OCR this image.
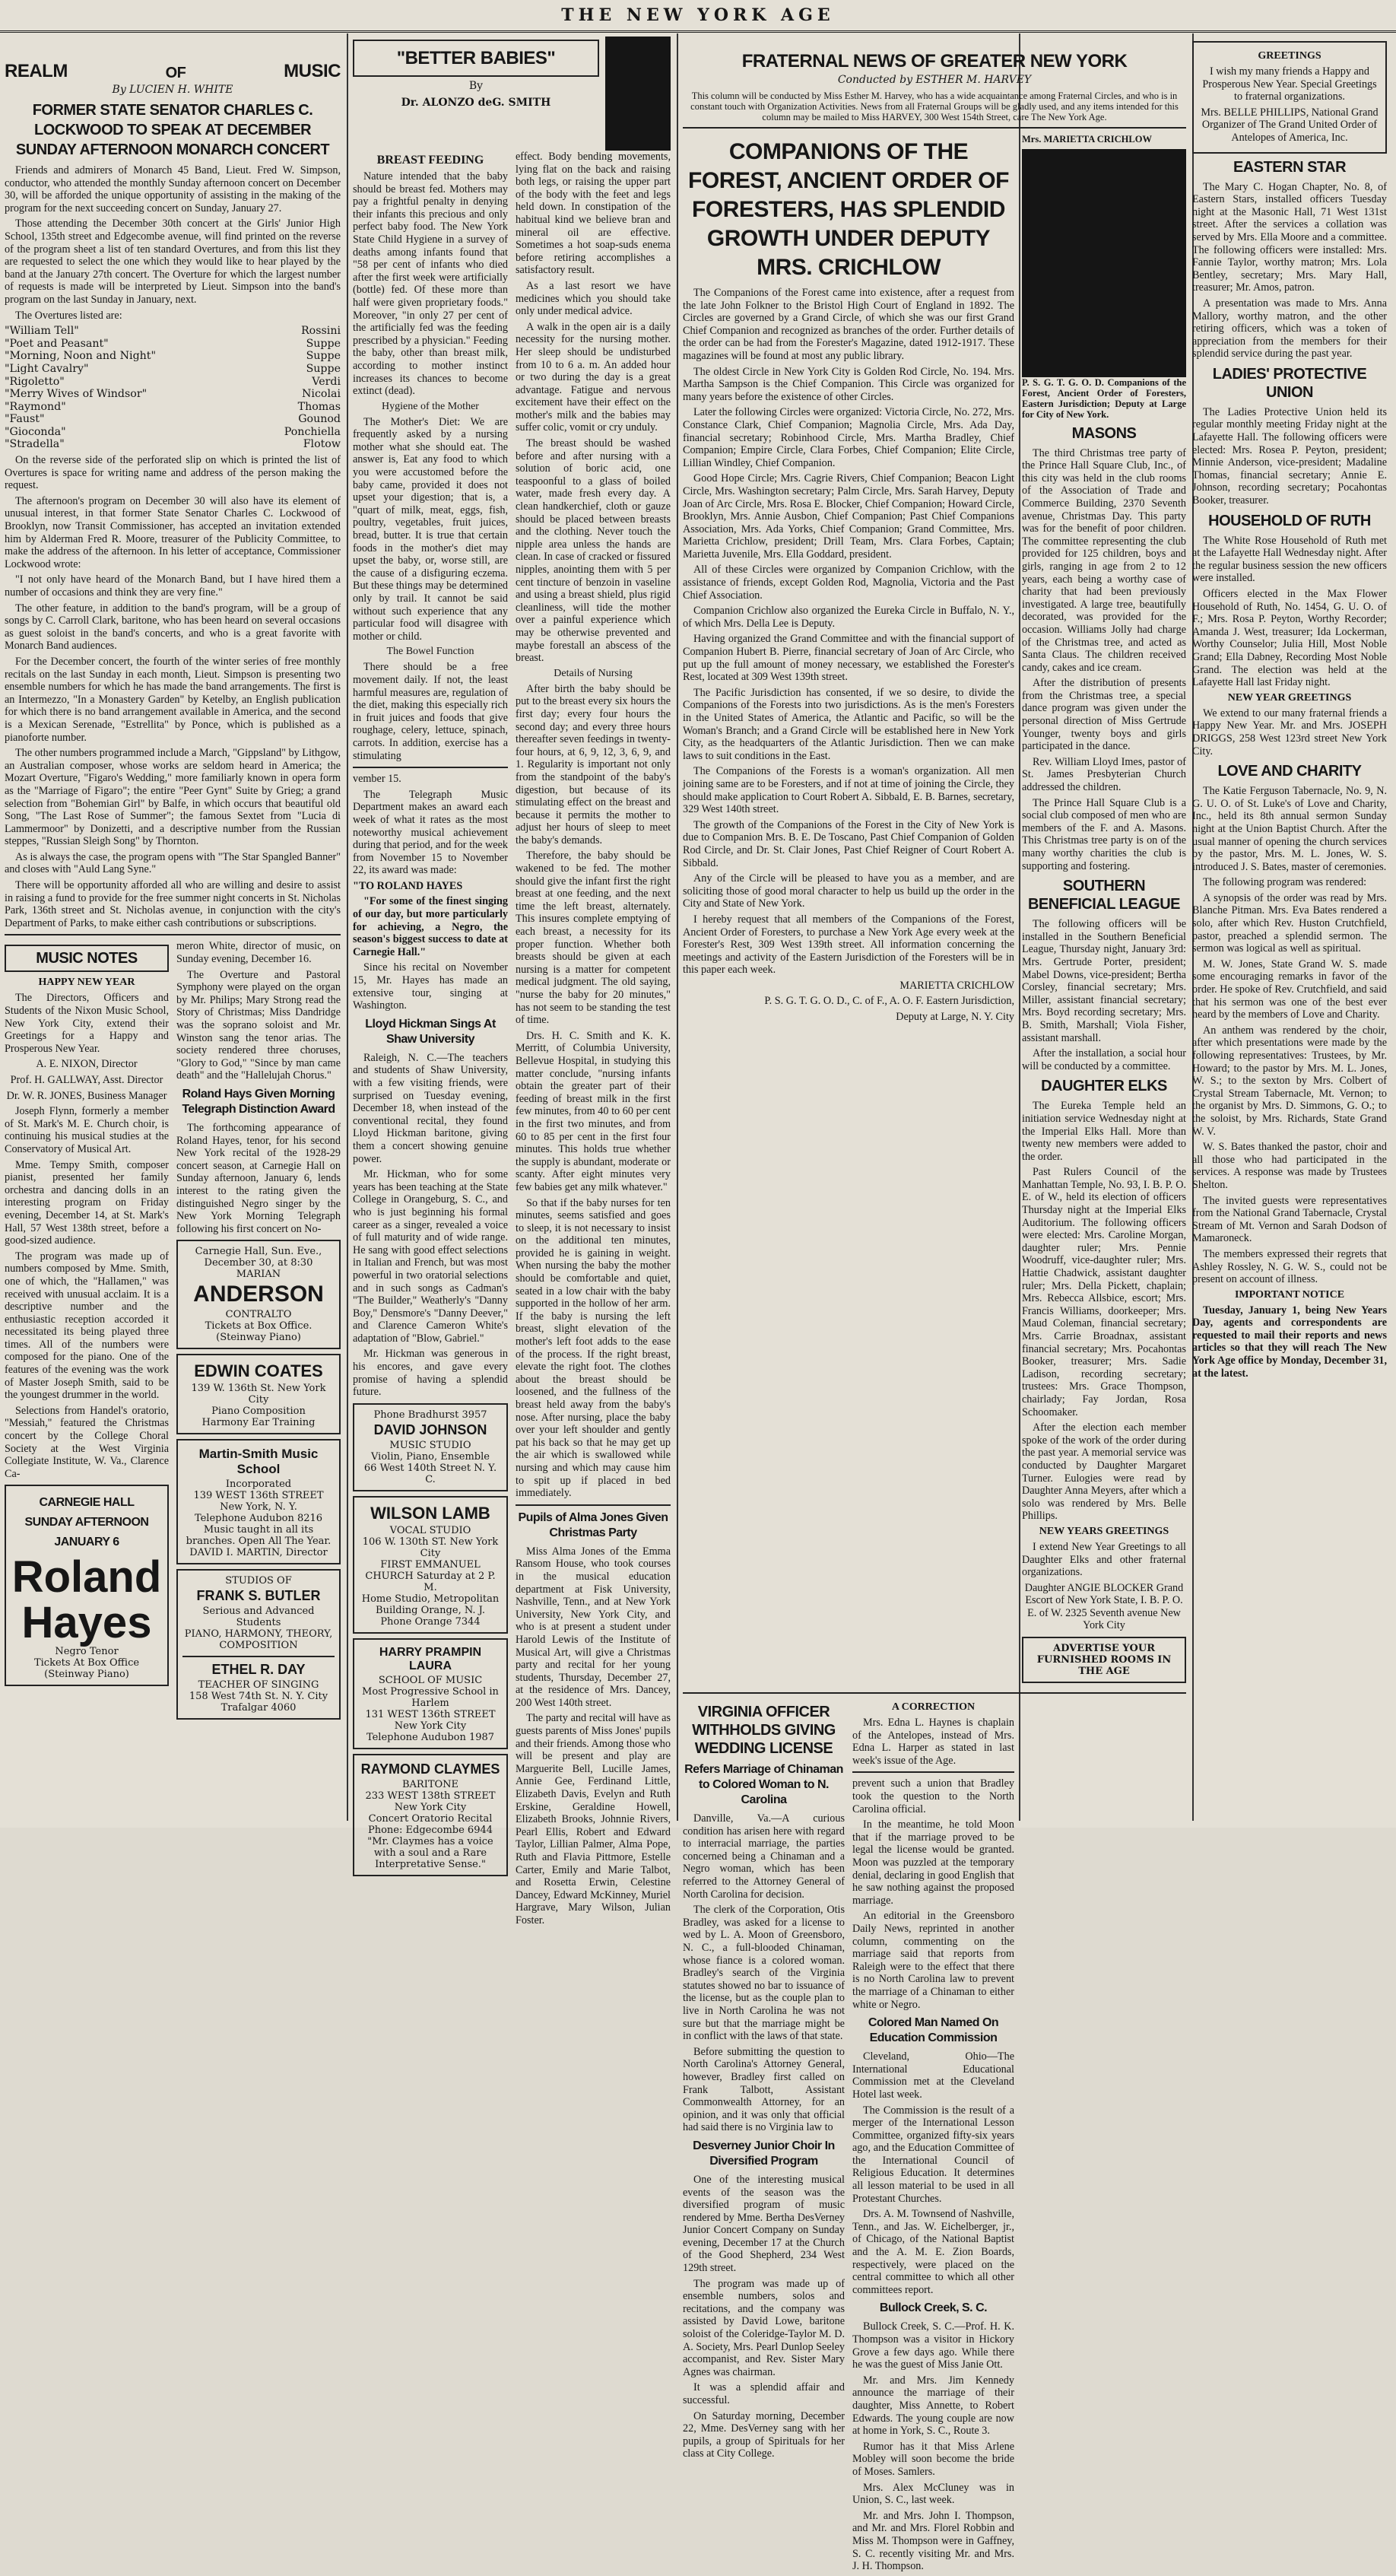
THE NEW YORK AGE
REALM	OF	MUSIC
By LUCIEN H. WHITE
FORMER STATE SENATOR CHARLES C. LOCKWOOD TO SPEAK AT DECEMBER SUNDAY AFTERNOON MONARCH CONCERT

Friends and admirers of Monarch 45 Band, Lieut. Fred W. Simpson, conductor, who attended the monthly Sunday afternoon concert on December 30, will be afforded the unique opportunity of assisting in the making of the program for the next succeeding concert on Sunday, January 27.

Those attending the December 30th concert at the Girls' Junior High School, 135th street and Edgecombe avenue, will find printed on the reverse of the program sheet a list of ten standard Overtures, and from this list they are requested to select the one which they would like to hear played by the band at the January 27th concert. The Overture for which the largest number of requests is made will be interpreted by Lieut. Simpson into the band's program on the last Sunday in January, next.

The Overtures listed are:

"William Tell"	Rossini
"Poet and Peasant"	Suppe
"Morning, Noon and Night"	Suppe
"Light Cavalry"	Suppe
"Rigoletto"	Verdi
"Merry Wives of Windsor"	Nicolai
"Raymond"	Thomas
"Faust"	Gounod
"Gioconda"	Ponchiella
"Stradella"	Flotow

On the reverse side of the perforated slip on which is printed the list of Overtures is space for writing name and address of the person making the request.

The afternoon's program on December 30 will also have its element of unusual interest, in that former State Senator Charles C. Lockwood of Brooklyn, now Transit Commissioner, has accepted an invitation extended him by Alderman Fred R. Moore, treasurer of the Publicity Committee, to make the address of the afternoon. In his letter of acceptance, Commissioner Lockwood wrote:

"I not only have heard of the Monarch Band, but I have hired them a number of occasions and think they are very fine."

The other feature, in addition to the band's program, will be a group of songs by C. Carroll Clark, baritone, who has been heard on several occasions as guest soloist in the band's concerts, and who is a great favorite with Monarch Band audiences.

For the December concert, the fourth of the winter series of free monthly recitals on the last Sunday in each month, Lieut. Simpson is presenting two ensemble numbers for which he has made the band arrangements. The first is an Intermezzo, "In a Monastery Garden" by Ketelby, an English publication for which there is no band arrangement available in America, and the second is a Mexican Serenade, "Estrellita" by Ponce, which is published as a pianoforte number.

The other numbers programmed include a March, "Gippsland" by Lithgow, an Australian composer, whose works are seldom heard in America; the Mozart Overture, "Figaro's Wedding," more familiarly known in opera form as the "Marriage of Figaro"; the entire "Peer Gynt" Suite by Grieg; a grand selection from "Bohemian Girl" by Balfe, in which occurs that beautiful old Song, "The Last Rose of Summer"; the famous Sextet from "Lucia di Lammermoor" by Donizetti, and a descriptive number from the Russian steppes, "Russian Sleigh Song" by Thornton.

As is always the case, the program opens with "The Star Spangled Banner" and closes with "Auld Lang Syne."

There will be opportunity afforded all who are willing and desire to assist in raising a fund to provide for the free summer night concerts in St. Nicholas Park, 136th street and St. Nicholas avenue, in conjunction with the city's Department of Parks, to make either cash contributions or subscriptions.

MUSIC NOTES
HAPPY NEW YEAR

The Directors, Officers and Students of the Nixon Music School, New York City, extend their Greetings for a Happy and Prosperous New Year.

A. E. NIXON, Director

Prof. H. GALLWAY, Asst. Director

Dr. W. R. JONES, Business Manager

Joseph Flynn, formerly a member of St. Mark's M. E. Church choir, is continuing his musical studies at the Conservatory of Musical Art.

Mme. Tempy Smith, composer pianist, presented her family orchestra and dancing dolls in an interesting program on Friday evening, December 14, at St. Mark's Hall, 57 West 138th street, before a good-sized audience.

The program was made up of numbers composed by Mme. Smith, one of which, the "Hallamen," was received with unusual acclaim. It is a descriptive number and the enthusiastic reception accorded it necessitated its being played three times. All of the numbers were composed for the piano. One of the features of the evening was the work of Master Joseph Smith, said to be the youngest drummer in the world.

Selections from Handel's oratorio, "Messiah," featured the Christmas concert by the College Choral Society at the West Virginia Collegiate Institute, W. Va., Clarence Ca-

CARNEGIE HALL
SUNDAY AFTERNOON
JANUARY 6
Roland Hayes
Negro Tenor
Tickets At Box Office (Steinway Piano)

meron White, director of music, on Sunday evening, December 16.

The Overture and Pastoral Symphony were played on the organ by Mr. Philips; Mary Strong read the Story of Christmas; Miss Dandridge was the soprano soloist and Mr. Winston sang the tenor arias. The society rendered three choruses, "Glory to God," "Since by man came death" and the "Hallelujah Chorus."

Roland Hays Given Morning Telegraph Distinction Award

The forthcoming appearance of Roland Hayes, tenor, for his second New York recital of the 1928-29 concert season, at Carnegie Hall on Sunday afternoon, January 6, lends interest to the rating given the distinguished Negro singer by the New York Morning Telegraph following his first concert on No-

Carnegie Hall, Sun. Eve., December 30, at 8:30
MARIAN
ANDERSON
CONTRALTO
Tickets at Box Office. (Steinway Piano)
EDWIN COATES
139 W. 136th St. New York City
Piano Composition
Harmony Ear Training
Martin-Smith Music School
Incorporated
139 WEST 136th STREET New York, N. Y.
Telephone Audubon 8216
Music taught in all its branches. Open All The Year.
DAVID I. MARTIN, Director
STUDIOS OF
FRANK S. BUTLER
Serious and Advanced Students
PIANO, HARMONY, THEORY, COMPOSITION
ETHEL R. DAY
TEACHER OF SINGING
158 West 74th St. N. Y. City
Trafalgar 4060
"BETTER BABIES"
By
Dr. ALONZO deG. SMITH
BREAST FEEDING

Nature intended that the baby should be breast fed. Mothers may pay a frightful penalty in denying their infants this precious and only perfect baby food. The New York State Child Hygiene in a survey of deaths among infants found that "58 per cent of infants who died after the first week were artificially (bottle) fed. Of these more than half were given proprietary foods." Moreover, "in only 27 per cent of the artificially fed was the feeding prescribed by a physician." Feeding the baby, other than breast milk, according to mother instinct increases its chances to become extinct (dead).

Hygiene of the Mother

The Mother's Diet: We are frequently asked by a nursing mother what she should eat. The answer is, Eat any food to which you were accustomed before the baby came, provided it does not upset your digestion; that is, a "quart of milk, meat, eggs, fish, poultry, vegetables, fruit juices, bread, butter. It is true that certain foods in the mother's diet may upset the baby, or, worse still, are the cause of a disfiguring eczema. But these things may be determined only by trail. It cannot be said without such experience that any particular food will disagree with mother or child.

The Bowel Function

There should be a free movement daily. If not, the least harmful measures are, regulation of the diet, making this especially rich in fruit juices and foods that give roughage, celery, lettuce, spinach, carrots. In addition, exercise has a stimulating

vember 15.

The Telegraph Music Department makes an award each week of what it rates as the most noteworthy musical achievement during that period, and for the week from November 15 to November 22, its award was made:

"TO ROLAND HAYES

"For some of the finest singing of our day, but more particularly for achieving, a Negro, the season's biggest success to date at Carnegie Hall."

Since his recital on November 15, Mr. Hayes has made an extensive tour, singing at Washington.

Lloyd Hickman Sings At Shaw University

Raleigh, N. C.—The teachers and students of Shaw University, with a few visiting friends, were surprised on Tuesday evening, December 18, when instead of the conventional recital, they found Lloyd Hickman baritone, giving them a concert showing genuine power.

Mr. Hickman, who for some years has been teaching at the State College in Orangeburg, S. C., and who is just beginning his formal career as a singer, revealed a voice of full maturity and of wide range. He sang with good effect selections in Italian and French, but was most powerful in two oratorial selections and in such songs as Cadman's "The Builder," Weatherly's "Danny Boy," Densmore's "Danny Deever," and Clarence Cameron White's adaptation of "Blow, Gabriel."

Mr. Hickman was generous in his encores, and gave every promise of having a splendid future.

Phone Bradhurst 3957
DAVID JOHNSON
MUSIC STUDIO
Violin, Piano, Ensemble
66 West 140th Street N. Y. C.
WILSON LAMB
VOCAL STUDIO
106 W. 130th ST. New York City
FIRST EMMANUEL CHURCH Saturday at 2 P. M.
Home Studio, Metropolitan Building Orange, N. J.
Phone Orange 7344
HARRY PRAMPIN LAURA
SCHOOL OF MUSIC
Most Progressive School in Harlem
131 WEST 136th STREET New York City
Telephone Audubon 1987
RAYMOND CLAYMES
BARITONE
233 WEST 138th STREET New York City
Concert Oratorio Recital
Phone: Edgecombe 6944
"Mr. Claymes has a voice with a soul and a Rare Interpretative Sense."

effect. Body bending movements, lying flat on the back and raising both legs, or raising the upper part of the body with the feet and legs held down. In constipation of the habitual kind we believe bran and mineral oil are effective. Sometimes a hot soap-suds enema before retiring accomplishes a satisfactory result.

As a last resort we have medicines which you should take only under medical advice.

A walk in the open air is a daily necessity for the nursing mother. Her sleep should be undisturbed from 10 to 6 a. m. An added hour or two during the day is a great advantage. Fatigue and nervous excitement have their effect on the mother's milk and the babies may suffer colic, vomit or cry unduly.

The breast should be washed before and after nursing with a solution of boric acid, one teaspoonful to a glass of boiled water, made fresh every day. A clean handkerchief, cloth or gauze should be placed between breasts and the clothing. Never touch the nipple area unless the hands are clean. In case of cracked or fissured nipples, anointing them with 5 per cent tincture of benzoin in vaseline and using a breast shield, plus rigid cleanliness, will tide the mother over a painful experience which may be otherwise prevented and maybe forestall an abscess of the breast.

Details of Nursing

After birth the baby should be put to the breast every six hours the first day; every four hours the second day; and every three hours thereafter seven feedings in twenty-four hours, at 6, 9, 12, 3, 6, 9, and 1. Regularity is important not only from the standpoint of the baby's digestion, but because of its stimulating effect on the breast and because it permits the mother to adjust her hours of sleep to meet the baby's demands.

Therefore, the baby should be wakened to be fed. The mother should give the infant first the right breast at one feeding, and the next time the left breast, alternately. This insures complete emptying of each breast, a necessity for its proper function. Whether both breasts should be given at each nursing is a matter for competent medical judgment. The old saying, "nurse the baby for 20 minutes," has not seem to be standing the test of time.

Drs. H. C. Smith and K. K. Merritt, of Columbia University, Bellevue Hospital, in studying this matter conclude, "nursing infants obtain the greater part of their feeding of breast milk in the first few minutes, from 40 to 60 per cent in the first two minutes, and from 60 to 85 per cent in the first four minutes. This holds true whether the supply is abundant, moderate or scanty. After eight minutes very few babies get any milk whatever."

So that if the baby nurses for ten minutes, seems satisfied and goes to sleep, it is not necessary to insist on the additional ten minutes, provided he is gaining in weight. When nursing the baby the mother should be comfortable and quiet, seated in a low chair with the baby supported in the hollow of her arm. If the baby is nursing the left breast, slight elevation of the mother's left foot adds to the ease of the process. If the right breast, elevate the right foot. The clothes about the breast should be loosened, and the fullness of the breast held away from the baby's nose. After nursing, place the baby over your left shoulder and gently pat his back so that he may get up the air which is swallowed while nursing and which may cause him to spit up if placed in bed immediately.

Pupils of Alma Jones Given Christmas Party

Miss Alma Jones of the Emma Ransom House, who took courses in the musical education department at Fisk University, Nashville, Tenn., and at New York University, New York City, and who is at present a student under Harold Lewis of the Institute of Musical Art, will give a Christmas party and recital for her young students, Thursday, December 27, at the residence of Mrs. Dancey, 200 West 140th street.

The party and recital will have as guests parents of Miss Jones' pupils and their friends. Among those who will be present and play are Marguerite Bell, Lucille James, Annie Gee, Ferdinand Little, Elizabeth Davis, Evelyn and Ruth Erskine, Geraldine Howell, Elizabeth Brooks, Johnnie Rivers, Pearl Ellis, Robert and Edward Taylor, Lillian Palmer, Alma Pope, Ruth and Flavia Pittmore, Estelle Carter, Emily and Marie Talbot, and Rosetta Erwin, Celestine Dancey, Edward McKinney, Muriel Hargrave, Mary Wilson, Julian Foster.

FRATERNAL NEWS OF GREATER NEW YORK
Conducted by ESTHER M. HARVEY

This column will be conducted by Miss Esther M. Harvey, who has a wide acquaintance among Fraternal Circles, and who is in constant touch with Organization Activities. News from all Fraternal Groups will be gladly used, and any items intended for this column may be mailed to Miss HARVEY, 300 West 154th Street, care The New York Age.

COMPANIONS OF THE FOREST, ANCIENT ORDER OF FORESTERS, HAS SPLENDID GROWTH UNDER DEPUTY MRS. CRICHLOW

The Companions of the Forest came into existence, after a request from the late John Folkner to the Bristol High Court of England in 1892. The Circles are governed by a Grand Circle, of which she was our first Grand Chief Companion and recognized as branches of the order. Further details of the order can be had from the Forester's Magazine, dated 1912-1917. These magazines will be found at most any public library.

The oldest Circle in New York City is Golden Rod Circle, No. 194. Mrs. Martha Sampson is the Chief Companion. This Circle was organized for many years before the existence of other Circles.

Later the following Circles were organized: Victoria Circle, No. 272, Mrs. Constance Clark, Chief Companion; Magnolia Circle, Mrs. Ada Day, financial secretary; Robinhood Circle, Mrs. Martha Bradley, Chief Companion; Empire Circle, Clara Forbes, Chief Companion; Elite Circle, Lillian Windley, Chief Companion.

Good Hope Circle; Mrs. Cagrie Rivers, Chief Companion; Beacon Light Circle, Mrs. Washington secretary; Palm Circle, Mrs. Sarah Harvey, Deputy Joan of Arc Circle, Mrs. Rosa E. Blocker, Chief Companion; Howard Circle, Brooklyn, Mrs. Annie Ausbon, Chief Companion; Past Chief Companions Association, Mrs. Ada Yorks, Chief Companion; Grand Committee, Mrs. Marietta Crichlow, president; Drill Team, Mrs. Clara Forbes, Captain; Marietta Juvenile, Mrs. Ella Goddard, president.

All of these Circles were organized by Companion Crichlow, with the assistance of friends, except Golden Rod, Magnolia, Victoria and the Past Chief Association.

Companion Crichlow also organized the Eureka Circle in Buffalo, N. Y., of which Mrs. Della Lee is Deputy.

Having organized the Grand Committee and with the financial support of Companion Hubert B. Pierre, financial secretary of Joan of Arc Circle, who put up the full amount of money necessary, we established the Forester's Rest, located at 309 West 139th street.

The Pacific Jurisdiction has consented, if we so desire, to divide the Companions of the Forests into two jurisdictions. As is the men's Foresters in the United States of America, the Atlantic and Pacific, so will be the Woman's Branch; and a Grand Circle will be established here in New York City, as the headquarters of the Atlantic Jurisdiction. Then we can make laws to suit conditions in the East.

The Companions of the Forests is a woman's organization. All men joining same are to be Foresters, and if not at time of joining the Circle, they should make application to Court Robert A. Sibbald, E. B. Barnes, secretary, 329 West 140th street.

The growth of the Companions of the Forest in the City of New York is due to Companion Mrs. B. E. De Toscano, Past Chief Companion of Golden Rod Circle, and Dr. St. Clair Jones, Past Chief Reigner of Court Robert A. Sibbald.

Any of the Circle will be pleased to have you as a member, and are soliciting those of good moral character to help us build up the order in the City and State of New York.

I hereby request that all members of the Companions of the Forest, Ancient Order of Foresters, to purchase a New York Age every week at the Forester's Rest, 309 West 139th street. All information concerning the meetings and activity of the Eastern Jurisdiction of the Foresters will be in this paper each week.

MARIETTA CRICHLOW

P. S. G. T. G. O. D., C. of F., A. O. F. Eastern Jurisdiction,

Deputy at Large, N. Y. City

Mrs. MARIETTA CRICHLOW

P. S. G. T. G. O. D. Companions of the Forest, Ancient Order of Foresters, Eastern Jurisdiction; Deputy at Large for City of New York.

MASONS

The third Christmas tree party of the Prince Hall Square Club, Inc., of this city was held in the club rooms of the Association of Trade and Commerce Building, 2370 Seventh avenue, Christmas Day. This party was for the benefit of poor children. The committee representing the club provided for 125 children, boys and girls, ranging in age from 2 to 12 years, each being a worthy case of charity that had been previously investigated. A large tree, beautifully decorated, was provided for the occasion. Williams Jolly had charge of the Christmas tree, and acted as Santa Claus. The children received candy, cakes and ice cream.

After the distribution of presents from the Christmas tree, a special dance program was given under the personal direction of Miss Gertrude Younger, twenty boys and girls participated in the dance.

Rev. William Lloyd Imes, pastor of St. James Presbyterian Church addressed the children.

The Prince Hall Square Club is a social club composed of men who are members of the F. and A. Masons. This Christmas tree party is on of the many worthy charities the club is supporting and fostering.

SOUTHERN BENEFICIAL LEAGUE

The following officers will be installed in the Southern Beneficial League, Thursday night, January 3rd: Mrs. Gertrude Porter, president; Mabel Downs, vice-president; Bertha Corsley, financial secretary; Mrs. Miller, assistant financial secretary; Mrs. Boyd recording secretary; Mrs. B. Smith, Marshall; Viola Fisher, assistant marshall.

After the installation, a social hour will be conducted by a committee.

DAUGHTER ELKS

The Eureka Temple held an initiation service Wednesday night at the Imperial Elks Hall. More than twenty new members were added to the order.

Past Rulers Council of the Manhattan Temple, No. 93, I. B. P. O. E. of W., held its election of officers Thursday night at the Imperial Elks Auditorium. The following officers were elected: Mrs. Caroline Morgan, daughter ruler; Mrs. Pennie Woodruff, vice-daughter ruler; Mrs. Hattie Chadwick, assistant daughter ruler; Mrs. Della Pickett, chaplain; Mrs. Rebecca Allsbice, escort; Mrs. Francis Williams, doorkeeper; Mrs. Maud Coleman, financial secretary; Mrs. Carrie Broadnax, assistant financial secretary; Mrs. Pocahontas Booker, treasurer; Mrs. Sadie Ladison, recording secretary; trustees: Mrs. Grace Thompson, chairlady; Fay Jordan, Rosa Schoomaker.

After the election each member spoke of the work of the order during the past year. A memorial service was conducted by Daughter Margaret Turner. Eulogies were read by Daughter Anna Meyers, after which a solo was rendered by Mrs. Belle Phillips.

NEW YEARS GREETINGS

I extend New Year Greetings to all Daughter Elks and other fraternal organizations.

Daughter ANGIE BLOCKER Grand Escort of New York State, I. B. P. O. E. of W. 2325 Seventh avenue New York City

ADVERTISE YOUR FURNISHED ROOMS IN THE AGE
VIRGINIA OFFICER WITHHOLDS GIVING WEDDING LICENSE
Refers Marriage of Chinaman to Colored Woman to N. Carolina

Danville, Va.—A curious condition has arisen here with regard to interracial marriage, the parties concerned being a Chinaman and a Negro woman, which has been referred to the Attorney General of North Carolina for decision.

The clerk of the Corporation, Otis Bradley, was asked for a license to wed by L. A. Moon of Greensboro, N. C., a full-blooded Chinaman, whose fiance is a colored woman. Bradley's search of the Virginia statutes showed no bar to issuance of the license, but as the couple plan to live in North Carolina he was not sure but that the marriage might be in conflict with the laws of that state.

Before submitting the question to North Carolina's Attorney General, however, Bradley first called on Frank Talbott, Assistant Commonwealth Attorney, for an opinion, and it was only that official had said there is no Virginia law to

Desverney Junior Choir In Diversified Program

One of the interesting musical events of the season was the diversified program of music rendered by Mme. Bertha DesVerney Junior Concert Company on Sunday evening, December 17 at the Church of the Good Shepherd, 234 West 129th street.

The program was made up of ensemble numbers, solos and recitations, and the company was assisted by David Lowe, baritone soloist of the Coleridge-Taylor M. D. A. Society, Mrs. Pearl Dunlop Seeley accompanist, and Rev. Sister Mary Agnes was chairman.

It was a splendid affair and successful.

On Saturday morning, December 22, Mme. DesVerney sang with her pupils, a group of Spirituals for her class at City College.

A CORRECTION

Mrs. Edna L. Haynes is chaplain of the Antelopes, instead of Mrs. Edna L. Harper as stated in last week's issue of the Age.

prevent such a union that Bradley took the question to the North Carolina official.

In the meantime, he told Moon that if the marriage proved to be legal the license would be granted. Moon was puzzled at the temporary denial, declaring in good English that he saw nothing against the proposed marriage.

An editorial in the Greensboro Daily News, reprinted in another column, commenting on the marriage said that reports from Raleigh were to the effect that there is no North Carolina law to prevent the marriage of a Chinaman to either white or Negro.

Colored Man Named On Education Commission

Cleveland, Ohio—The International Educational Commission met at the Cleveland Hotel last week.

The Commission is the result of a merger of the International Lesson Committee, organized fifty-six years ago, and the Education Committee of the International Council of Religious Education. It determines all lesson material to be used in all Protestant Churches.

Drs. A. M. Townsend of Nashville, Tenn., and Jas. W. Eichelberger, jr., of Chicago, of the National Baptist and the A. M. E. Zion Boards, respectively, were placed on the central committee to which all other committees report.

Bullock Creek, S. C.

Bullock Creek, S. C.—Prof. H. K. Thompson was a visitor in Hickory Grove a few days ago. While there he was the guest of Miss Janie Ott.

Mr. and Mrs. Jim Kennedy announce the marriage of their daughter, Miss Annette, to Robert Edwards. The young couple are now at home in York, S. C., Route 3.

Rumor has it that Miss Arlene Mobley will soon become the bride of Moses. Samlers.

Mrs. Alex McCluney was in Union, S. C., last week.

Mr. and Mrs. John I. Thompson, and Mr. and Mrs. Florel Robbin and Miss M. Thompson were in Gaffney, S. C. recently visiting Mr. and Mrs. J. H. Thompson.

GREETINGS

I wish my many friends a Happy and Prosperous New Year. Special Greetings to fraternal organizations.

Mrs. BELLE PHILLIPS, National Grand Organizer of The Grand United Order of Antelopes of America, Inc.

EASTERN STAR

The Mary C. Hogan Chapter, No. 8, of Eastern Stars, installed officers Tuesday night at the Masonic Hall, 71 West 131st street. After the services a collation was served by Mrs. Ella Moore and a committee. The following officers were installed: Mrs. Fannie Taylor, worthy matron; Mrs. Lola Bentley, secretary; Mrs. Mary Hall, treasurer; Mr. Amos, patron.

A presentation was made to Mrs. Anna Mallory, worthy matron, and the other retiring officers, which was a token of appreciation from the members for their splendid service during the past year.

LADIES' PROTECTIVE UNION

The Ladies Protective Union held its regular monthly meeting Friday night at the Lafayette Hall. The following officers were elected: Mrs. Rosea P. Peyton, president; Minnie Anderson, vice-president; Madaline Thomas, financial secretary; Annie E. Johnson, recording secretary; Pocahontas Booker, treasurer.

HOUSEHOLD OF RUTH

The White Rose Household of Ruth met at the Lafayette Hall Wednesday night. After the regular business session the new officers were installed.

Officers elected in the Max Flower Household of Ruth, No. 1454, G. U. O. of F.; Mrs. Rosa P. Peyton, Worthy Recorder; Amanda J. West, treasurer; Ida Lockerman, Worthy Counselor; Julia Hill, Most Noble Grand; Ella Dabney, Recording Most Noble Grand. The election was held at the Lafayette Hall last Friday night.

NEW YEAR GREETINGS

We extend to our many fraternal friends a Happy New Year. Mr. and Mrs. JOSEPH DRIGGS, 258 West 123rd street New York City.

LOVE AND CHARITY

The Katie Ferguson Tabernacle, No. 9, N. G. U. O. of St. Luke's of Love and Charity, Inc., held its 8th annual sermon Sunday night at the Union Baptist Church. After the usual manner of opening the church services by the pastor, Mrs. M. L. Jones, W. S. introduced J. S. Bates, master of ceremonies.

The following program was rendered:

A synopsis of the order was read by Mrs. Blanche Pitman. Mrs. Eva Bates rendered a solo, after which Rev. Huston Crutchfield, pastor, preached a splendid sermon. The sermon was logical as well as spiritual.

M. W. Jones, State Grand W. S. made some encouraging remarks in favor of the order. He spoke of Rev. Crutchfield, and said that his sermon was one of the best ever heard by the members of Love and Charity.

An anthem was rendered by the choir, after which presentations were made by the following representatives: Trustees, by Mr. Howard; to the pastor by Mrs. M. L. Jones, W. S.; to the sexton by Mrs. Colbert of Crystal Stream Tabernacle, Mt. Vernon; to the organist by Mrs. D. Simmons, G. O.; to the soloist, by Mrs. Richards, State Grand W. V.

W. S. Bates thanked the pastor, choir and all those who had participated in the services. A response was made by Trustees Shelton.

The invited guests were representatives from the National Grand Tabernacle, Crystal Stream of Mt. Vernon and Sarah Dodson of Mamaroneck.

The members expressed their regrets that Ashley Rossley, N. G. W. S., could not be present on account of illness.

IMPORTANT NOTICE

Tuesday, January 1, being New Years Day, agents and correspondents are requested to mail their reports and news articles so that they will reach The New York Age office by Monday, December 31, at the latest.
